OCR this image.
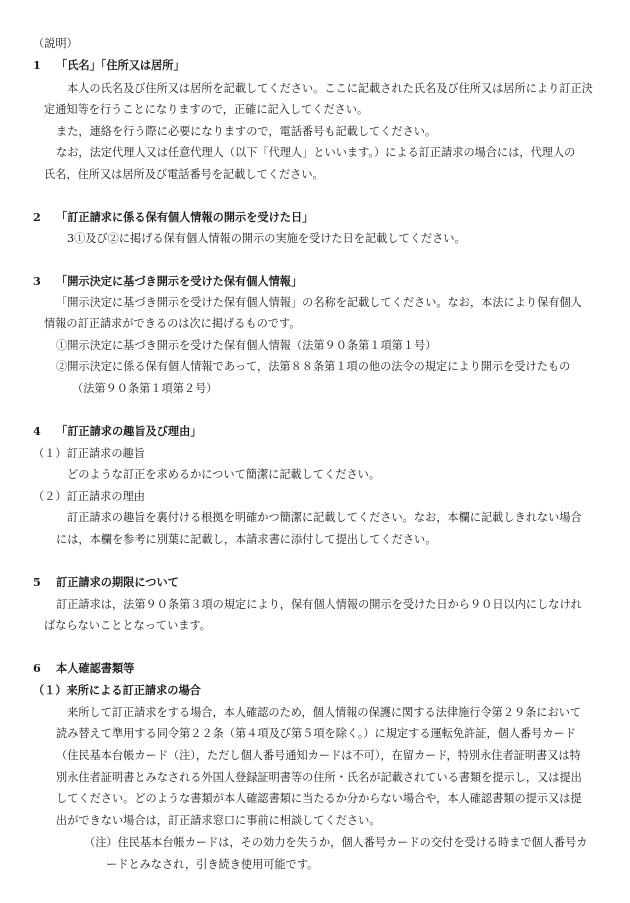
（説明）
1 「氏名」「住所又は居所」
本人の氏名及び住所又は居所を記載してください。ここに記載された氏名及び住所又は居所により訂正決
定通知等を行うことになりますので，正確に記入してください。
また，連絡を行う際に必要になりますので，電話番号も記載してください。
なお，法定代理人又は任意代理人（以下「代理人」といいます。）による訂正請求の場合には，代理人の
氏名，住所又は居所及び電話番号を記載してください。
2 「訂正請求に係る保有個人情報の開示を受けた日」
3①及び②に掲げる保有個人情報の開示の実施を受けた日を記載してください。
3 「開示決定に基づき開示を受けた保有個人情報」
「開示決定に基づき開示を受けた保有個人情報」の名称を記載してください。なお，本法により保有個人
情報の訂正請求ができるのは次に掲げるものです。
①開示決定に基づき開示を受けた保有個人情報（法第９０条第１項第１号）
②開示決定に係る保有個人情報であって，法第８８条第１項の他の法令の規定により開示を受けたもの
（法第９０条第１項第２号）
4 「訂正請求の趣旨及び理由」
（１）訂正請求の趣旨
どのような訂正を求めるかについて簡潔に記載してください。
（２）訂正請求の理由
訂正請求の趣旨を裏付ける根拠を明確かつ簡潔に記載してください。なお，本欄に記載しきれない場合
には，本欄を参考に別葉に記載し，本請求書に添付して提出してください。
5 訂正請求の期限について
訂正請求は，法第９０条第３項の規定により，保有個人情報の開示を受けた日から９０日以内にしなけれ
ばならないこととなっています。
6 本人確認書類等
（１）来所による訂正請求の場合
来所して訂正請求をする場合，本人確認のため，個人情報の保護に関する法律施行令第２９条において
読み替えて準用する同令第２２条（第４項及び第５項を除く。）に規定する運転免許証，個人番号カード
（住民基本台帳カード（注），ただし個人番号通知カードは不可），在留カード，特別永住者証明書又は特
別永住者証明書とみなされる外国人登録証明書等の住所・氏名が記載されている書類を提示し，又は提出
してください。どのような書類が本人確認書類に当たるか分からない場合や，本人確認書類の提示又は提
出ができない場合は，訂正請求窓口に事前に相談してください。
（注）住民基本台帳カードは，その効力を失うか，個人番号カードの交付を受ける時まで個人番号カ
ードとみなされ，引き続き使用可能です。
